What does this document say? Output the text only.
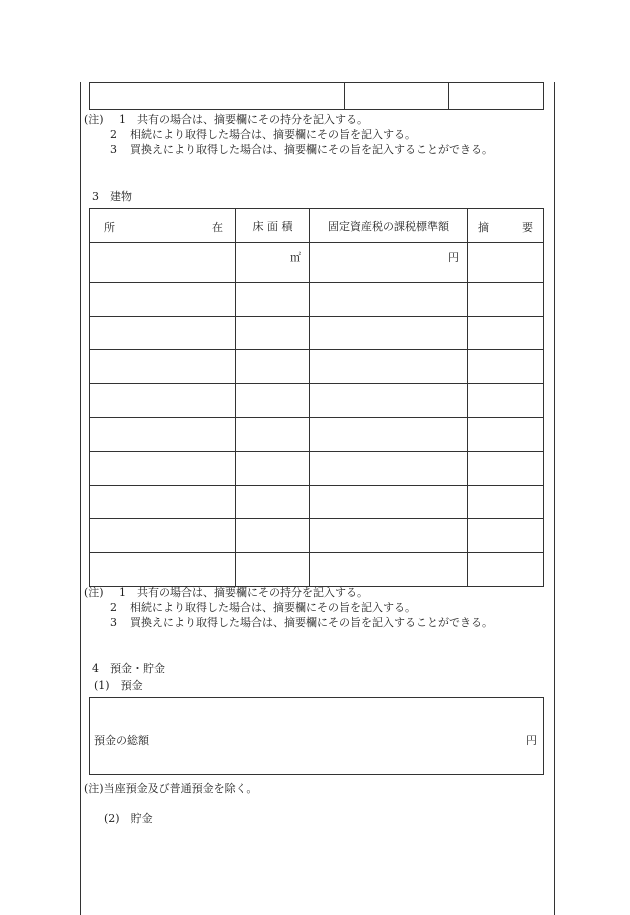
(注) 1　 共有の場合は、摘要欄にその持分を記入する。
2　 相続により取得した場合は、摘要欄にその旨を記入する。
3　 買換えにより取得した場合は、摘要欄にその旨を記入することができる。
3　建物
所 在	床 面 積	固定資産税の課税標準額	摘 要

	㎡	円	

(注) 1　 共有の場合は、摘要欄にその持分を記入する。
2　 相続により取得した場合は、摘要欄にその旨を記入する。
3　 買換えにより取得した場合は、摘要欄にその旨を記入することができる。
4　預金・貯金
(1)　預金
預金の総額	円
(注)当座預金及び普通預金を除く。
(2)　貯金
